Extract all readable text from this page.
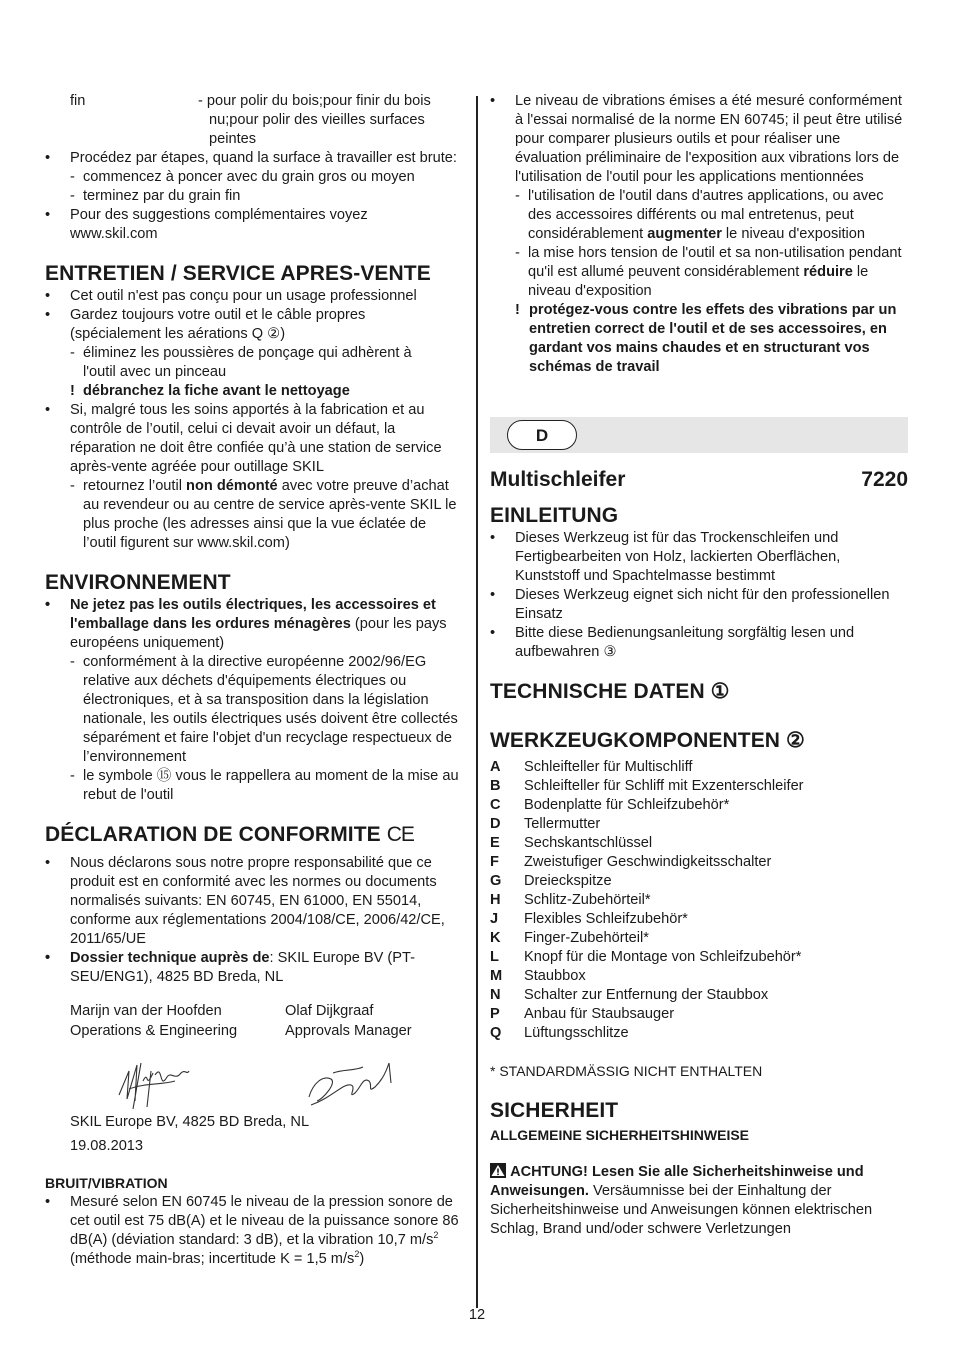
fin	- pour polir du bois;pour finir du bois nu;pour polir des vieilles surfaces peintes
• Procédez par étapes, quand la surface à travailler est brute:
- commencez à poncer avec du grain gros ou moyen
- terminez par du grain fin
• Pour des suggestions complémentaires voyez www.skil.com
ENTRETIEN / SERVICE APRES-VENTE
• Cet outil n'est pas conçu pour un usage professionnel
• Gardez toujours votre outil et le câble propres (spécialement les aérations Q ②)
- éliminez les poussières de ponçage qui adhèrent à l'outil avec un pinceau
! débranchez la fiche avant le nettoyage
• Si, malgré tous les soins apportés à la fabrication et au contrôle de l’outil, celui ci devait avoir un défaut, la réparation ne doit être confiée qu’à une station de service après-vente agréée pour outillage SKIL
- retournez l’outil non démonté avec votre preuve d’achat au revendeur ou au centre de service après-vente SKIL le plus proche (les adresses ainsi que la vue éclatée de l’outil figurent sur www.skil.com)
ENVIRONNEMENT
• Ne jetez pas les outils électriques, les accessoires et l'emballage dans les ordures ménagères (pour les pays européens uniquement)
- conformément à la directive européenne 2002/96/EG relative aux déchets d'équipements électriques ou électroniques, et à sa transposition dans la législation nationale, les outils électriques usés doivent être collectés séparément et faire l'objet d'un recyclage respectueux de l’environnement
- le symbole ⑮ vous le rappellera au moment de la mise au rebut de l'outil
DÉCLARATION DE CONFORMITE CE
• Nous déclarons sous notre propre responsabilité que ce produit est en conformité avec les normes ou documents normalisés suivants: EN 60745, EN 61000, EN 55014, conforme aux réglementations 2004/108/CE, 2006/42/CE, 2011/65/UE
• Dossier technique auprès de: SKIL Europe BV (PT-SEU/ENG1), 4825 BD Breda, NL
Marijn van der Hoofden
Operations & Engineering
Olaf Dijkgraaf
Approvals Manager
SKIL Europe BV, 4825 BD Breda, NL
19.08.2013
BRUIT/VIBRATION
• Mesuré selon EN 60745 le niveau de la pression sonore de cet outil est 75 dB(A) et le niveau de la puissance sonore 86 dB(A) (déviation standard: 3 dB), et la vibration 10,7 $m/s^2$ (méthode main-bras; incertitude K = 1,5 $m/s^2$)
• Le niveau de vibrations émises a été mesuré conformément à l'essai normalisé de la norme EN 60745; il peut être utilisé pour comparer plusieurs outils et pour réaliser une évaluation préliminaire de l'exposition aux vibrations lors de l'utilisation de l'outil pour les applications mentionnées
- l'utilisation de l'outil dans d'autres applications, ou avec des accessoires différents ou mal entretenus, peut considérablement augmenter le niveau d'exposition
- la mise hors tension de l'outil et sa non-utilisation pendant qu'il est allumé peuvent considérablement réduire le niveau d'exposition
! protégez-vous contre les effets des vibrations par un entretien correct de l'outil et de ses accessoires, en gardant vos mains chaudes et en structurant vos schémas de travail
D
Multischleifer	7220
EINLEITUNG
• Dieses Werkzeug ist für das Trockenschleifen und Fertigbearbeiten von Holz, lackierten Oberflächen, Kunststoff und Spachtelmasse bestimmt
• Dieses Werkzeug eignet sich nicht für den professionellen Einsatz
• Bitte diese Bedienungsanleitung sorgfältig lesen und aufbewahren ③
TECHNISCHE DATEN ①
WERKZEUGKOMPONENTEN ②
A Schleifteller für Multischliff
B Schleifteller für Schliff mit Exzenterschleifer
C Bodenplatte für Schleifzubehör*
D Tellermutter
E Sechskantschlüssel
F Zweistufiger Geschwindigkeitsschalter
G Dreieckspitze
H Schlitz-Zubehörteil*
J Flexibles Schleifzubehör*
K Finger-Zubehörteil*
L Knopf für die Montage von Schleifzubehör*
M Staubbox
N Schalter zur Entfernung der Staubbox
P Anbau für Staubsauger
Q Lüftungsschlitze
* STANDARDMÄSSIG NICHT ENTHALTEN
SICHERHEIT
ALLGEMEINE SICHERHEITSHINWEISE
ACHTUNG! Lesen Sie alle Sicherheitshinweise und Anweisungen. Versäumnisse bei der Einhaltung der Sicherheitshinweise und Anweisungen können elektrischen Schlag, Brand und/oder schwere Verletzungen
12
